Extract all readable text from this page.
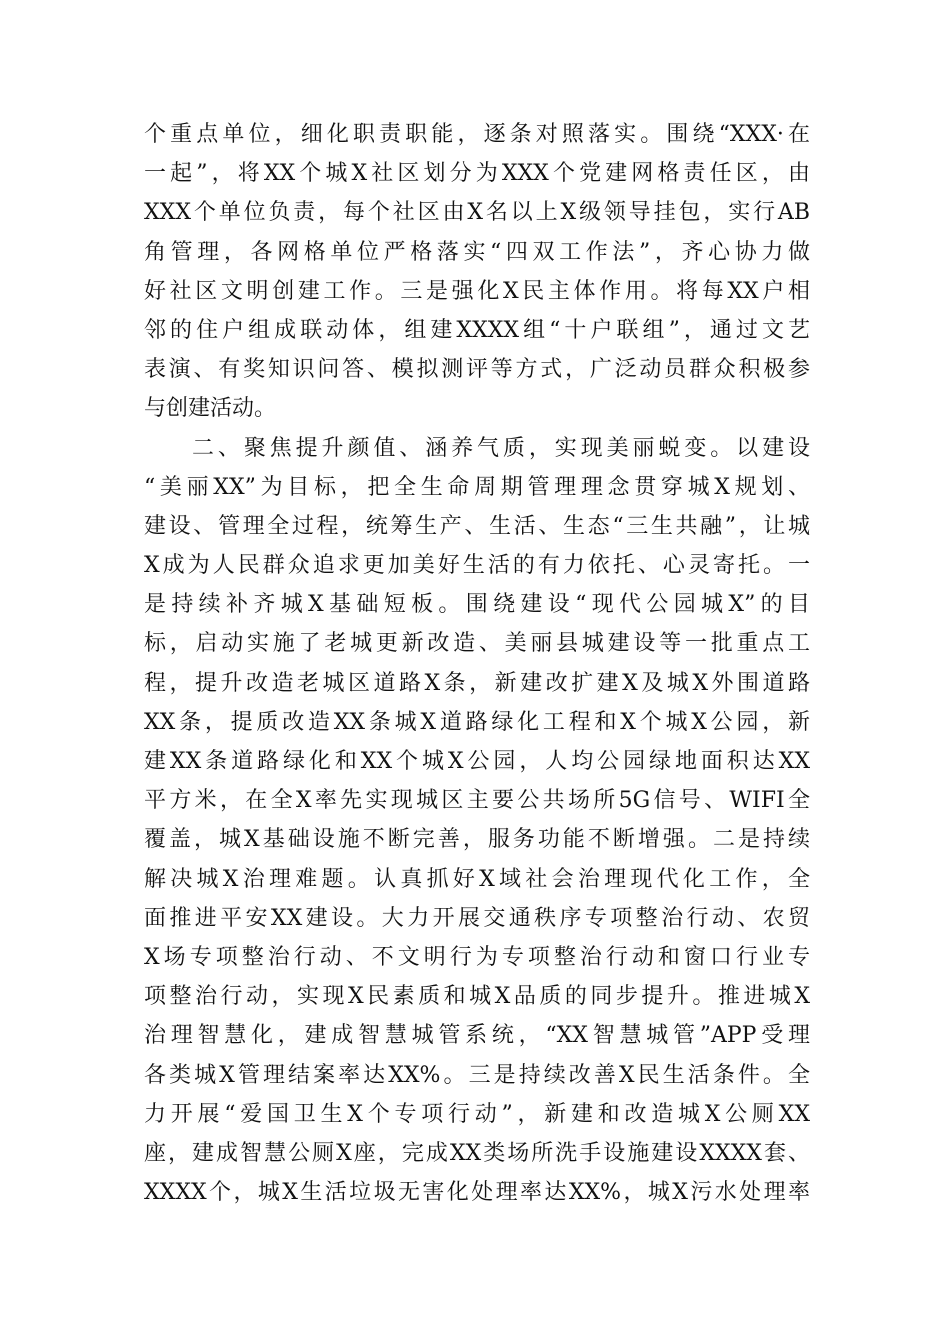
个重点单位，细化职责职能，逐条对照落实。围绕“XXX·在
一起”，将XX个城X社区划分为XXX个党建网格责任区，由
XXX个单位负责，每个社区由X名以上X级领导挂包，实行AB
角管理，各网格单位严格落实“四双工作法”，齐心协力做
好社区文明创建工作。三是强化X民主体作用。将每XX户相
邻的住户组成联动体，组建XXXX组“十户联组”，通过文艺
表演、有奖知识问答、模拟测评等方式，广泛动员群众积极参
与创建活动。
二、聚焦提升颜值、涵养气质，实现美丽蜕变。以建设
“美丽XX”为目标，把全生命周期管理理念贯穿城X规划、
建设、管理全过程，统筹生产、生活、生态“三生共融”，让城
X成为人民群众追求更加美好生活的有力依托、心灵寄托。一
是持续补齐城X基础短板。围绕建设“现代公园城X”的目
标，启动实施了老城更新改造、美丽县城建设等一批重点工
程，提升改造老城区道路X条，新建改扩建X及城X外围道路
XX条，提质改造XX条城X道路绿化工程和X个城X公园，新
建XX条道路绿化和XX个城X公园，人均公园绿地面积达XX
平方米，在全X率先实现城区主要公共场所5G信号、WIFI全
覆盖，城X基础设施不断完善，服务功能不断增强。二是持续
解决城X治理难题。认真抓好X域社会治理现代化工作，全
面推进平安XX建设。大力开展交通秩序专项整治行动、农贸
X场专项整治行动、不文明行为专项整治行动和窗口行业专
项整治行动，实现X民素质和城X品质的同步提升。推进城X
治理智慧化，建成智慧城管系统，“XX智慧城管”APP受理
各类城X管理结案率达XX%。三是持续改善X民生活条件。全
力开展“爱国卫生X个专项行动”，新建和改造城X公厕XX
座，建成智慧公厕X座，完成XX类场所洗手设施建设XXXX套、
XXXX个，城X生活垃圾无害化处理率达XX%，城X污水处理率
